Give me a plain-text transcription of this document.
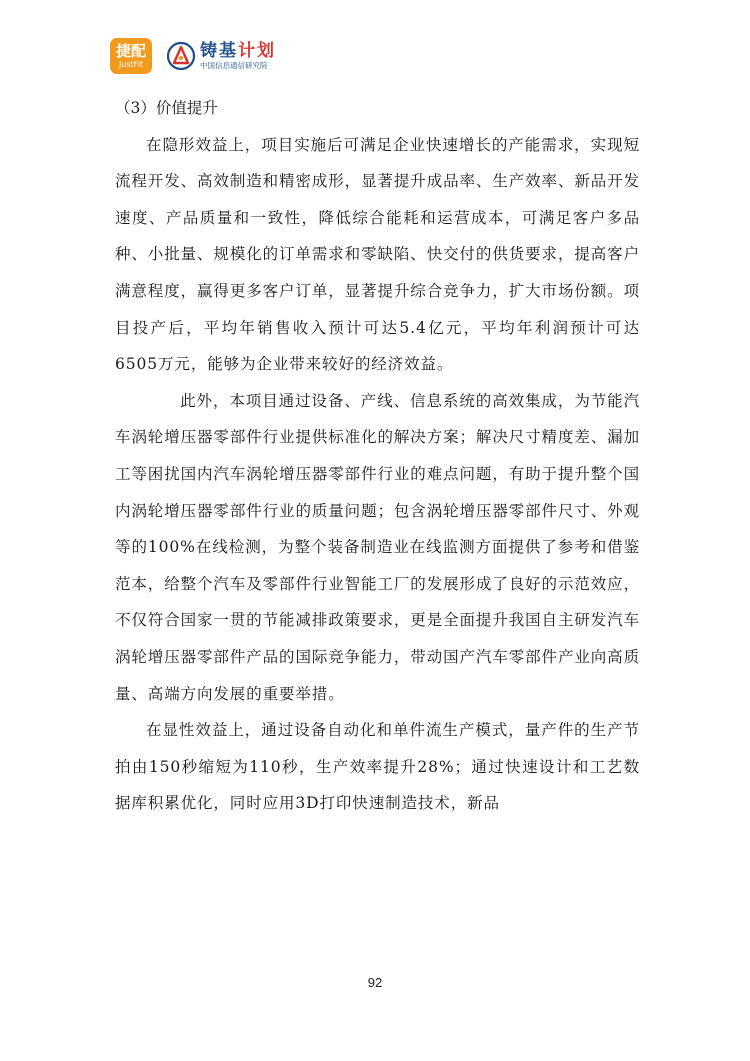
捷配
JustFit
铸基计划
中国信息通信研究院

（3）价值提升

在隐形效益上，项目实施后可满足企业快速增长的产能需求，实现短流程开发、高效制造和精密成形，显著提升成品率、生产效率、新品开发速度、产品质量和一致性，降低综合能耗和运营成本，可满足客户多品种、小批量、规模化的订单需求和零缺陷、快交付的供货要求，提高客户满意程度，赢得更多客户订单，显著提升综合竞争力，扩大市场份额。项目投产后，平均年销售收入预计可达5.4亿元，平均年利润预计可达6505万元，能够为企业带来较好的经济效益。

此外，本项目通过设备、产线、信息系统的高效集成，为节能汽车涡轮增压器零部件行业提供标准化的解决方案；解决尺寸精度差、漏加工等困扰国内汽车涡轮增压器零部件行业的难点问题，有助于提升整个国内涡轮增压器零部件行业的质量问题；包含涡轮增压器零部件尺寸、外观等的100%在线检测，为整个装备制造业在线监测方面提供了参考和借鉴范本，给整个汽车及零部件行业智能工厂的发展形成了良好的示范效应，不仅符合国家一贯的节能减排政策要求，更是全面提升我国自主研发汽车涡轮增压器零部件产品的国际竞争能力，带动国产汽车零部件产业向高质量、高端方向发展的重要举措。

在显性效益上，通过设备自动化和单件流生产模式，量产件的生产节拍由150秒缩短为110秒，生产效率提升28%；通过快速设计和工艺数据库积累优化，同时应用3D打印快速制造技术，新品

92
